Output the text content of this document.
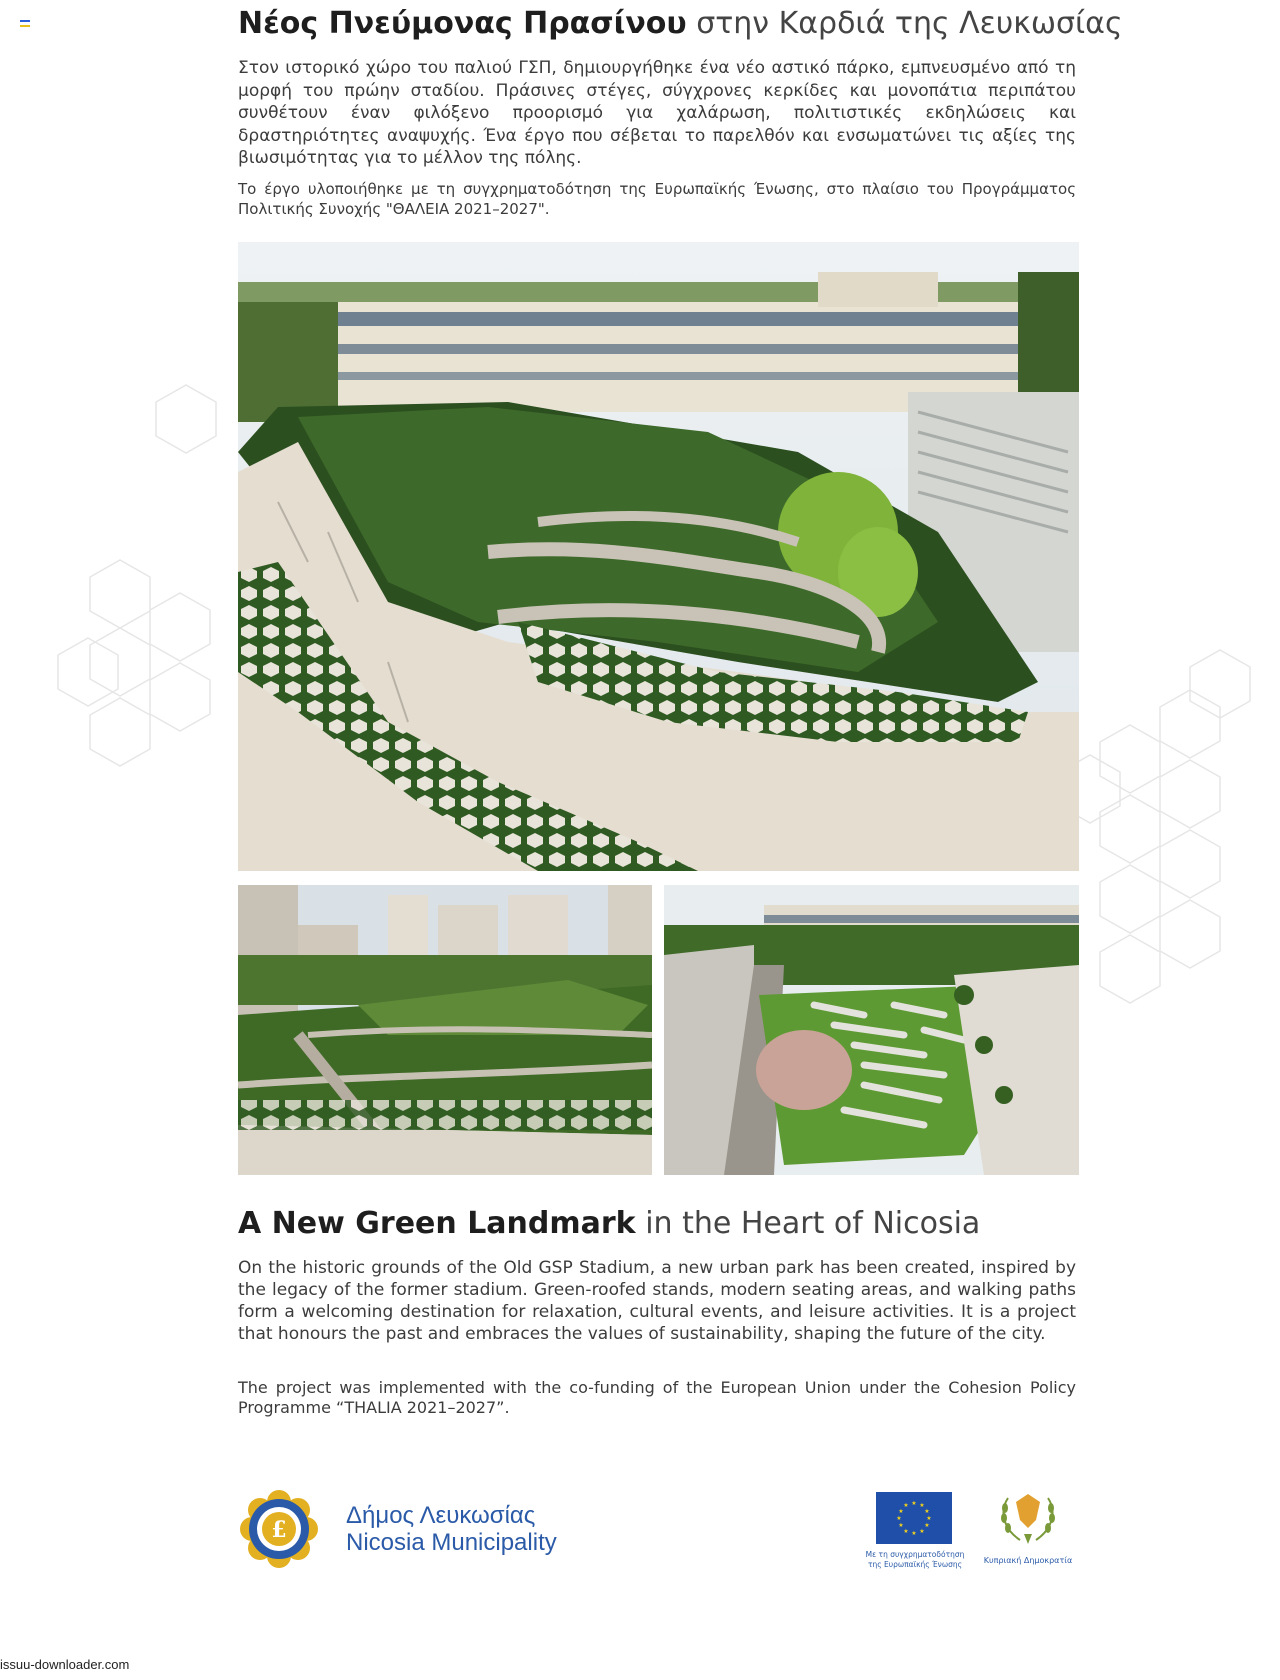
Νέος Πνεύμονας Πρασίνου στην Καρδιά της Λευκωσίας

Στον ιστορικό χώρο του παλιού ΓΣΠ, δημιουργήθηκε ένα νέο αστικό πάρκο, εμπνευσμένο από τη μορφή του πρώην σταδίου. Πράσινες στέγες, σύγχρονες κερκίδες και μονοπάτια περιπάτου συνθέτουν έναν φιλόξενο προορισμό για χαλάρωση, πολιτιστικές εκδηλώσεις και δραστηριότητες αναψυχής. Ένα έργο που σέβεται το παρελθόν και ενσωματώνει τις αξίες της βιωσιμότητας για το μέλλον της πόλης.

Το έργο υλοποιήθηκε με τη συγχρηματοδότηση της Ευρωπαϊκής Ένωσης, στο πλαίσιο του Προγράμματος Πολιτικής Συνοχής "ΘΑΛΕΙΑ 2021–2027".

A New Green Landmark in the Heart of Nicosia

On the historic grounds of the Old GSP Stadium, a new urban park has been created, inspired by the legacy of the former stadium. Green-roofed stands, modern seating areas, and walking paths form a welcoming destination for relaxation, cultural events, and leisure activities. It is a project that honours the past and embraces the values of sustainability, shaping the future of the city.

The project was implemented with the co-funding of the European Union under the Cohesion Policy Programme “THALIA 2021–2027”.

£
Δήμος Λευκωσίας
Nicosia Municipality
★ ★
★
★
★
★
★
★
★
★
★
★
Με τη συγχρηματοδότηση
της Ευρωπαϊκής Ένωσης	Κυπριακή Δημοκρατία
issuu-downloader.com
